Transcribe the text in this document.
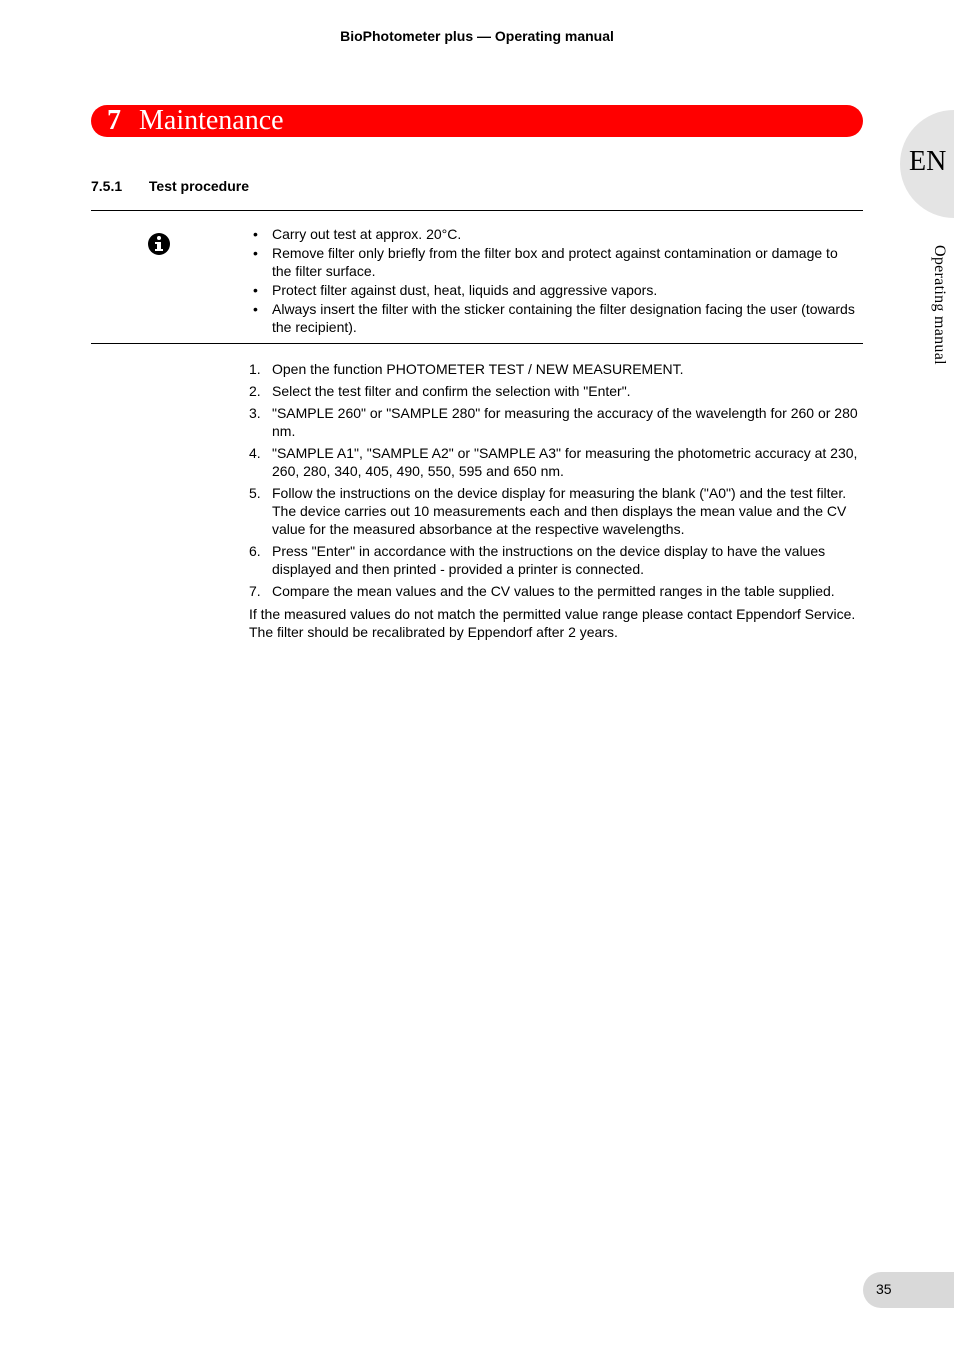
BioPhotometer plus — Operating manual
7 Maintenance
EN
Operating manual
7.5.1 Test procedure
• Carry out test at approx. 20°C.
• Remove filter only briefly from the filter box and protect against contamination or damage to the filter surface.
• Protect filter against dust, heat, liquids and aggressive vapors.
• Always insert the filter with the sticker containing the filter designation facing the user (towards the recipient).
1. Open the function PHOTOMETER TEST / NEW MEASUREMENT.
2. Select the test filter and confirm the selection with "Enter".
3. "SAMPLE 260" or "SAMPLE 280" for measuring the accuracy of the wavelength for 260 or 280 nm.
4. "SAMPLE A1", "SAMPLE A2" or "SAMPLE A3" for measuring the photometric accuracy at 230, 260, 280, 340, 405, 490, 550, 595 and 650 nm.
5. Follow the instructions on the device display for measuring the blank ("A0") and the test filter. The device carries out 10 measurements each and then displays the mean value and the CV value for the measured absorbance at the respective wavelengths.
6. Press "Enter" in accordance with the instructions on the device display to have the values displayed and then printed - provided a printer is connected.
7. Compare the mean values and the CV values to the permitted ranges in the table supplied.
If the measured values do not match the permitted value range please contact Eppendorf Service. The filter should be recalibrated by Eppendorf after 2 years.
35
